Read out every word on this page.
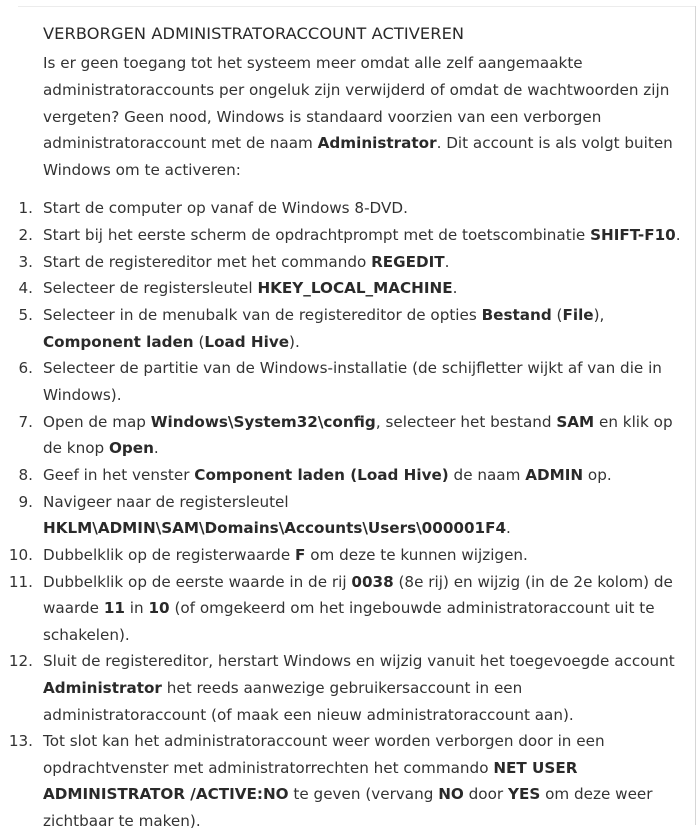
VERBORGEN ADMINISTRATORACCOUNT ACTIVEREN

Is er geen toegang tot het systeem meer omdat alle zelf aangemaakte administratoraccounts per ongeluk zijn verwijderd of omdat de wachtwoorden zijn vergeten? Geen nood, Windows is standaard voorzien van een verborgen administratoraccount met de naam Administrator. Dit account is als volgt buiten Windows om te activeren:

1. Start de computer op vanaf de Windows 8-DVD.
2. Start bij het eerste scherm de opdrachtprompt met de toetscombinatie SHIFT-F10.
3. Start de registereditor met het commando REGEDIT.
4. Selecteer de registersleutel HKEY_LOCAL_MACHINE.
5. Selecteer in de menubalk van de registereditor de opties Bestand (File), Component laden (Load Hive).
6. Selecteer de partitie van de Windows-installatie (de schijfletter wijkt af van die in Windows).
7. Open de map Windows\System32\config, selecteer het bestand SAM en klik op de knop Open.
8. Geef in het venster Component laden (Load Hive) de naam ADMIN op.
9. Navigeer naar de registersleutel
HKLM\ADMIN\SAM\Domains\Accounts\Users\000001F4.
10. Dubbelklik op de registerwaarde F om deze te kunnen wijzigen.
11. Dubbelklik op de eerste waarde in de rij 0038 (8e rij) en wijzig (in de 2e kolom) de waarde 11 in 10 (of omgekeerd om het ingebouwde administratoraccount uit te schakelen).
12. Sluit de registereditor, herstart Windows en wijzig vanuit het toegevoegde account Administrator het reeds aanwezige gebruikersaccount in een administratoraccount (of maak een nieuw administratoraccount aan).
13. Tot slot kan het administratoraccount weer worden verborgen door in een opdrachtvenster met administratorrechten het commando NET USER ADMINISTRATOR /ACTIVE:NO te geven (vervang NO door YES om deze weer zichtbaar te maken).
